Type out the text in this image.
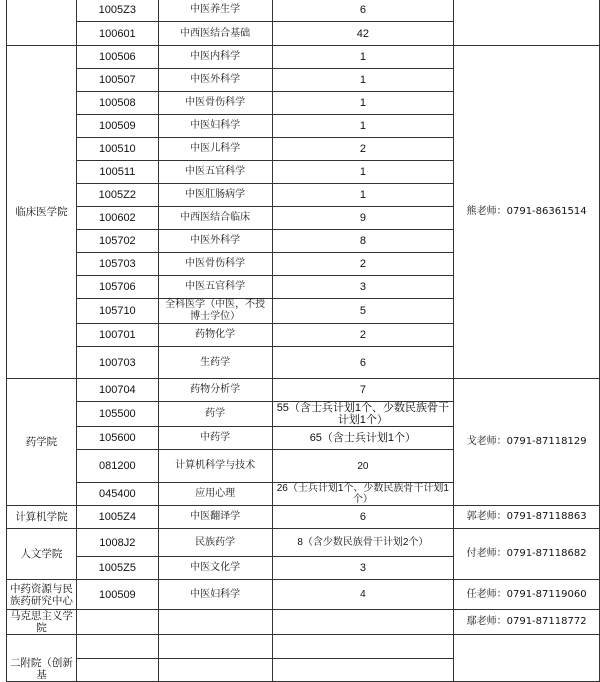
	1005Z3	中医养生学	6	
	100601	中西医结合基础	42	
临床医学院	100506	中医内科学	1	熊老师：0791-86361514
	100507	中医外科学	1	
	100508	中医骨伤科学	1	
	100509	中医妇科学	1	
	100510	中医儿科学	2	
	100511	中医五官科学	1	
	1005Z2	中医肛肠病学	1	
	100602	中西医结合临床	9	
	105702	中医外科学	8	
	105703	中医骨伤科学	2	
	105706	中医五官科学	3	
	105710	全科医学（中医，不授博士学位）	5	
	100701	药物化学	2	
	100703	生药学	6	
药学院	100704	药物分析学	7	戈老师：0791-87118129
	105500	药学	55（含士兵计划1个、少数民族骨干计划1个）	
	105600	中药学	65（含士兵计划1个）	
	081200	计算机科学与技术	20	
	045400	应用心理	26（士兵计划1个、少数民族骨干计划1个）	
计算机学院	1005Z4	中医翻译学	6	郭老师：0791-87118863
人文学院	1008J2	民族药学	8（含少数民族骨干计划2个）	付老师：0791-87118682
	1005Z5	中医文化学	3	
中药资源与民族药研究中心	100509	中医妇科学	4	任老师：0791-87119060
马克思主义学院				鄢老师：0791-87118772
二附院（创新基				
